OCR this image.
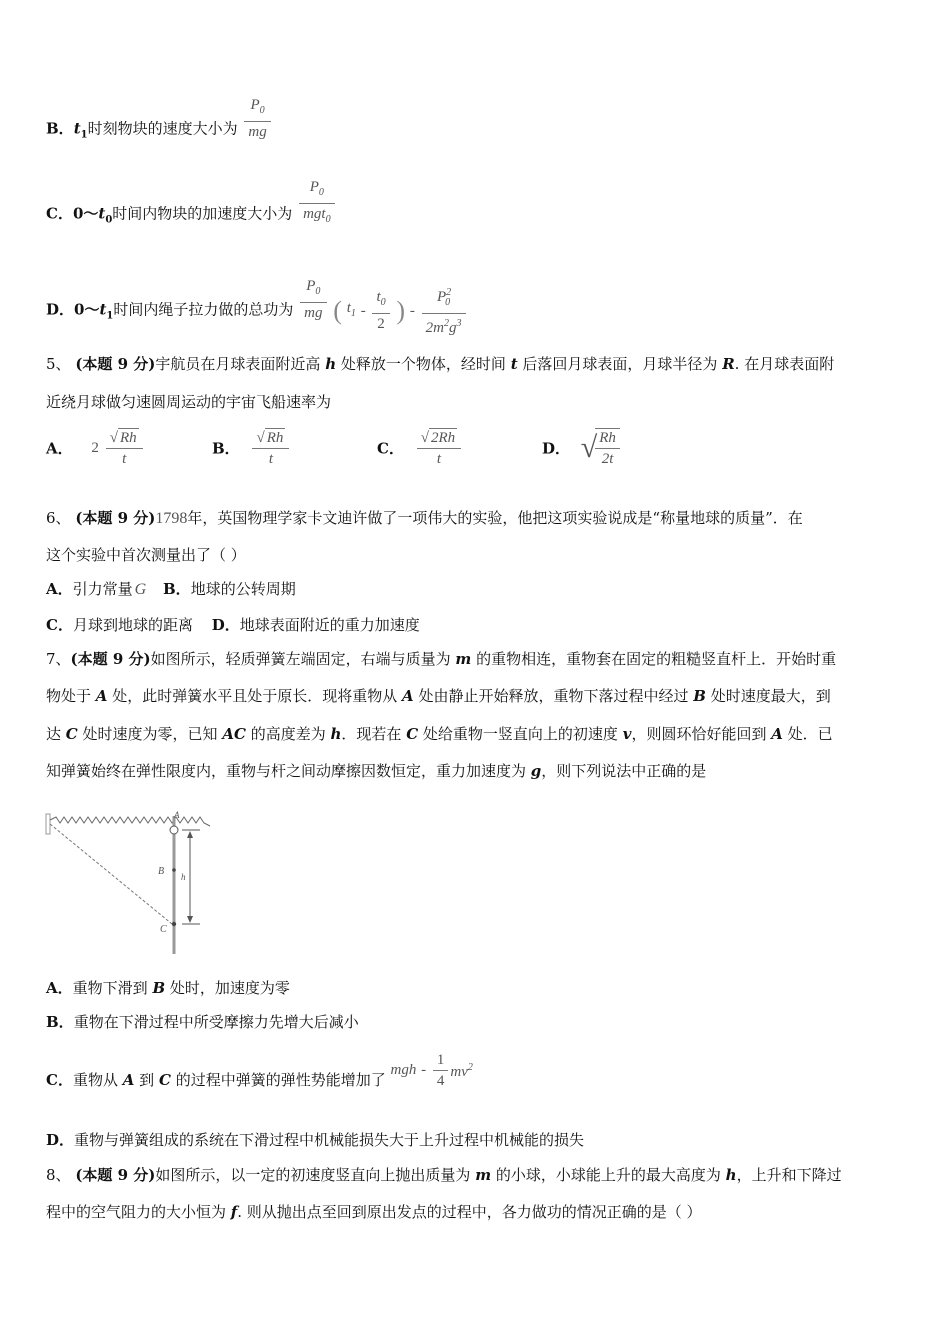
B．$t_1$时刻物块的速度大小为 $\frac{P_0}{mg}$
C．$0\sim t_0$时间内物块的加速度大小为 $\frac{P_0}{mgt_0}$
D．$0\sim t_1$时间内绳子拉力做的总功为 $\frac{P_0}{mg}$ ( $t_1 - \frac{t_0}{2}$ ) - $\frac{P^2_0}{2m^2g^3}$
5、 (本题 9 分)宇航员在月球表面附近高 h 处释放一个物体，经时间 t 后落回月球表面，月球半径为 R. 在月球表面附
近绕月球做匀速圆周运动的宇宙飞船速率为
A． $2 \frac{√ Rh}{t}$	B． $\frac{√ Rh}{t}$	C． $\frac{√ 2Rh}{t}$	D． √
$\frac{Rh}{2t}$
6、 (本题 9 分)1798年，英国物理学家卡文迪许做了一项伟大的实验，他把这项实验说成是“称量地球的质量”．在
这个实验中首次测量出了（ ）
A．引力常量 G B．地球的公转周期
C．月球到地球的距离 D．地球表面附近的重力加速度
7、(本题 9 分)如图所示，轻质弹簧左端固定，右端与质量为 m 的重物相连，重物套在固定的粗糙竖直杆上．开始时重
物处于 A 处，此时弹簧水平且处于原长．现将重物从 A 处由静止开始释放，重物下落过程中经过 B 处时速度最大，到
达 C 处时速度为零，已知 AC 的高度差为 h．现若在 C 处给重物一竖直向上的初速度 v，则圆环恰好能回到 A 处．已
知弹簧始终在弹性限度内，重物与杆之间动摩擦因数恒定，重力加速度为 g，则下列说法中正确的是
A
B
C
h
A．重物下滑到 B 处时，加速度为零
B．重物在下滑过程中所受摩擦力先增大后减小
C．重物从 A 到 C 的过程中弹簧的弹性势能增加了 mgh - $\frac{1}{4} mv^2$
D．重物与弹簧组成的系统在下滑过程中机械能损失大于上升过程中机械能的损失
8、 (本题 9 分)如图所示，以一定的初速度竖直向上抛出质量为 m 的小球，小球能上升的最大高度为 h，上升和下降过
程中的空气阻力的大小恒为 f. 则从抛出点至回到原出发点的过程中，各力做功的情况正确的是（ ）
